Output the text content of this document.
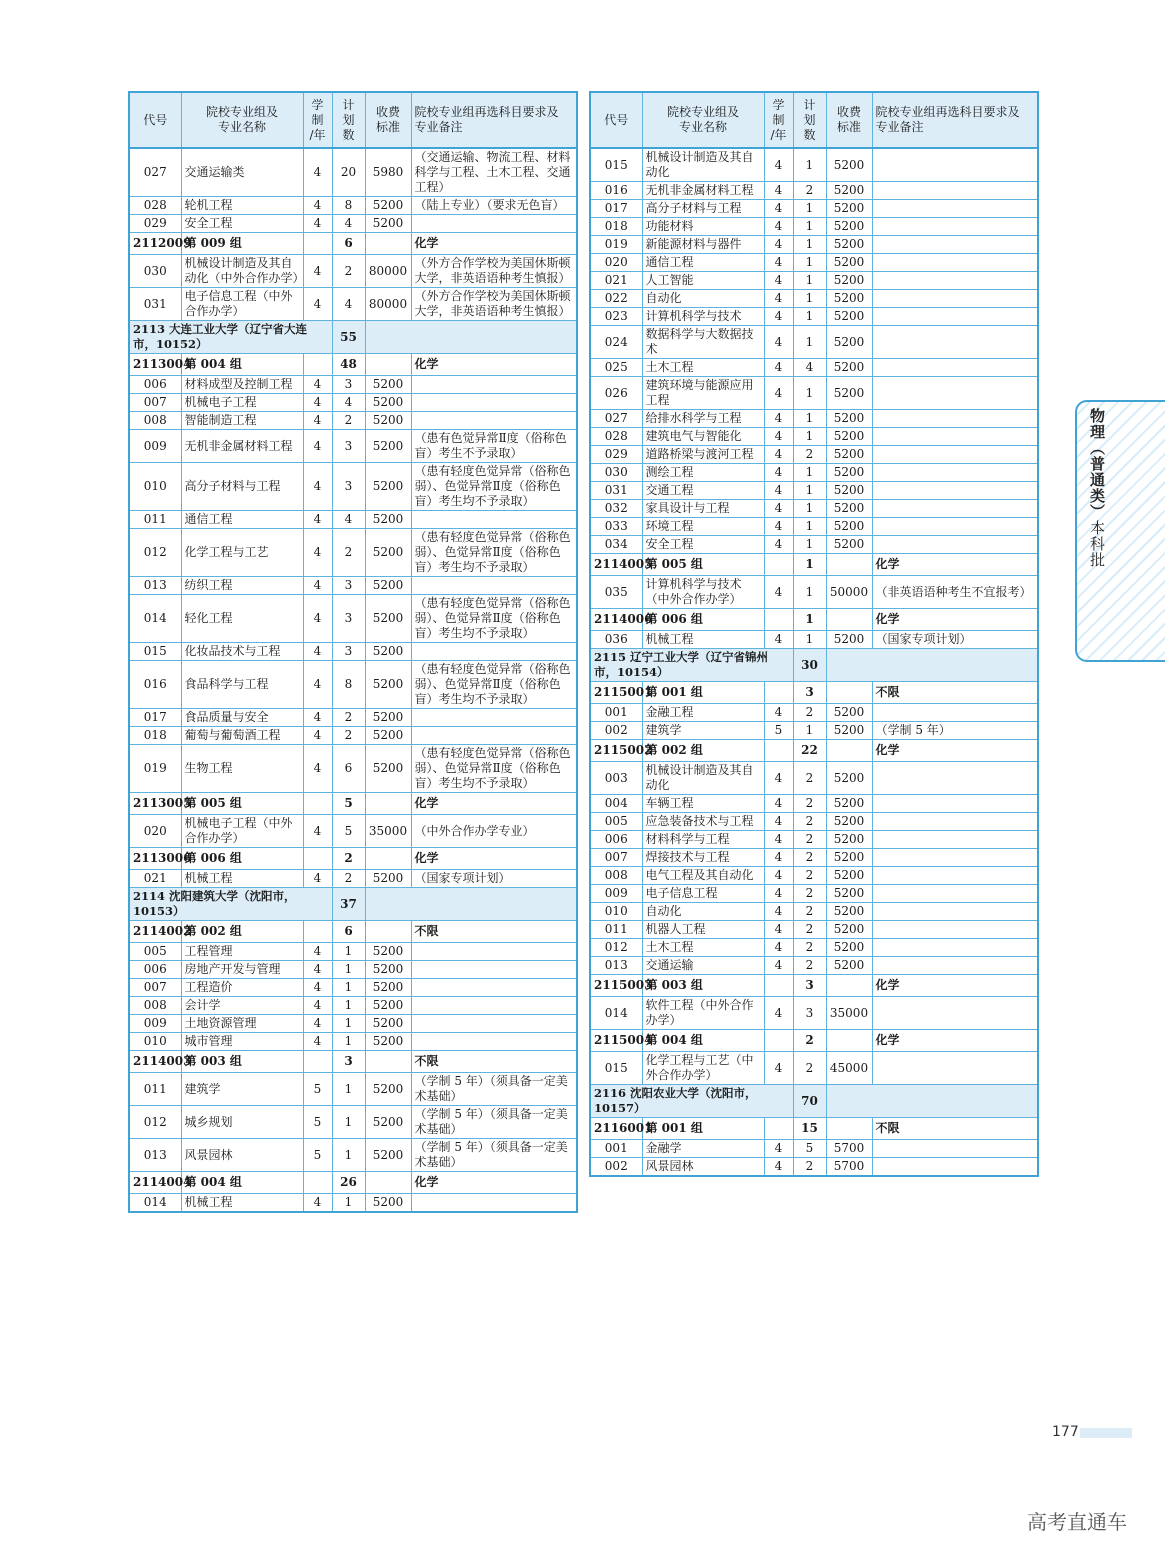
代号	院校专业组及
专业名称	学
制
/年	计
划
数	收费
标准	院校专业组再选科目要求及
专业备注
027	交通运输类	4	20	5980	（交通运输、物流工程、材料科学与工程、土木工程、交通工程）
028	轮机工程	4	8	5200	（陆上专业）（要求无色盲）
029	安全工程	4	4	5200	
2112009	第 009 组		6		化学
030	机械设计制造及其自动化（中外合作办学）	4	2	80000	（外方合作学校为美国休斯顿大学，非英语语种考生慎报）
031	电子信息工程（中外合作办学）	4	4	80000	（外方合作学校为美国休斯顿大学，非英语语种考生慎报）
2113 大连工业大学（辽宁省大连市，10152）			55		
2113004	第 004 组		48		化学
006	材料成型及控制工程	4	3	5200	
007	机械电子工程	4	4	5200	
008	智能制造工程	4	2	5200	
009	无机非金属材料工程	4	3	5200	（患有色觉异常Ⅱ度（俗称色盲）考生不予录取）
010	高分子材料与工程	4	3	5200	（患有轻度色觉异常（俗称色弱）、色觉异常Ⅱ度（俗称色盲）考生均不予录取）
011	通信工程	4	4	5200	
012	化学工程与工艺	4	2	5200	（患有轻度色觉异常（俗称色弱）、色觉异常Ⅱ度（俗称色盲）考生均不予录取）
013	纺织工程	4	3	5200	
014	轻化工程	4	3	5200	（患有轻度色觉异常（俗称色弱）、色觉异常Ⅱ度（俗称色盲）考生均不予录取）
015	化妆品技术与工程	4	3	5200	
016	食品科学与工程	4	8	5200	（患有轻度色觉异常（俗称色弱）、色觉异常Ⅱ度（俗称色盲）考生均不予录取）
017	食品质量与安全	4	2	5200	
018	葡萄与葡萄酒工程	4	2	5200	
019	生物工程	4	6	5200	（患有轻度色觉异常（俗称色弱）、色觉异常Ⅱ度（俗称色盲）考生均不予录取）
2113005	第 005 组		5		化学
020	机械电子工程（中外合作办学）	4	5	35000	（中外合作办学专业）
2113006	第 006 组		2		化学
021	机械工程	4	2	5200	（国家专项计划）
2114 沈阳建筑大学（沈阳市，10153）			37		
2114002	第 002 组		6		不限
005	工程管理	4	1	5200	
006	房地产开发与管理	4	1	5200	
007	工程造价	4	1	5200	
008	会计学	4	1	5200	
009	土地资源管理	4	1	5200	
010	城市管理	4	1	5200	
2114003	第 003 组		3		不限
011	建筑学	5	1	5200	（学制 5 年）（须具备一定美术基础）
012	城乡规划	5	1	5200	（学制 5 年）（须具备一定美术基础）
013	风景园林	5	1	5200	（学制 5 年）（须具备一定美术基础）
2114004	第 004 组		26		化学
014	机械工程	4	1	5200	
代号	院校专业组及
专业名称	学
制
/年	计
划
数	收费
标准	院校专业组再选科目要求及
专业备注
015	机械设计制造及其自动化	4	1	5200	
016	无机非金属材料工程	4	2	5200	
017	高分子材料与工程	4	1	5200	
018	功能材料	4	1	5200	
019	新能源材料与器件	4	1	5200	
020	通信工程	4	1	5200	
021	人工智能	4	1	5200	
022	自动化	4	1	5200	
023	计算机科学与技术	4	1	5200	
024	数据科学与大数据技术	4	1	5200	
025	土木工程	4	4	5200	
026	建筑环境与能源应用工程	4	1	5200	
027	给排水科学与工程	4	1	5200	
028	建筑电气与智能化	4	1	5200	
029	道路桥梁与渡河工程	4	2	5200	
030	测绘工程	4	1	5200	
031	交通工程	4	1	5200	
032	家具设计与工程	4	1	5200	
033	环境工程	4	1	5200	
034	安全工程	4	1	5200	
2114005	第 005 组		1		化学
035	计算机科学与技术（中外合作办学）	4	1	50000	（非英语语种考生不宜报考）
2114006	第 006 组		1		化学
036	机械工程	4	1	5200	（国家专项计划）
2115 辽宁工业大学（辽宁省锦州市，10154）			30		
2115001	第 001 组		3		不限
001	金融工程	4	2	5200	
002	建筑学	5	1	5200	（学制 5 年）
2115002	第 002 组		22		化学
003	机械设计制造及其自动化	4	2	5200	
004	车辆工程	4	2	5200	
005	应急装备技术与工程	4	2	5200	
006	材料科学与工程	4	2	5200	
007	焊接技术与工程	4	2	5200	
008	电气工程及其自动化	4	2	5200	
009	电子信息工程	4	2	5200	
010	自动化	4	2	5200	
011	机器人工程	4	2	5200	
012	土木工程	4	2	5200	
013	交通运输	4	2	5200	
2115003	第 003 组		3		化学
014	软件工程（中外合作办学）	4	3	35000	
2115004	第 004 组		2		化学
015	化学工程与工艺（中外合作办学）	4	2	45000	
2116 沈阳农业大学（沈阳市，10157）			70		
2116001	第 001 组		15		不限
001	金融学	4	5	5700	
002	风景园林	4	2	5700	
物理（普通类）本科批
177
高考直通车
